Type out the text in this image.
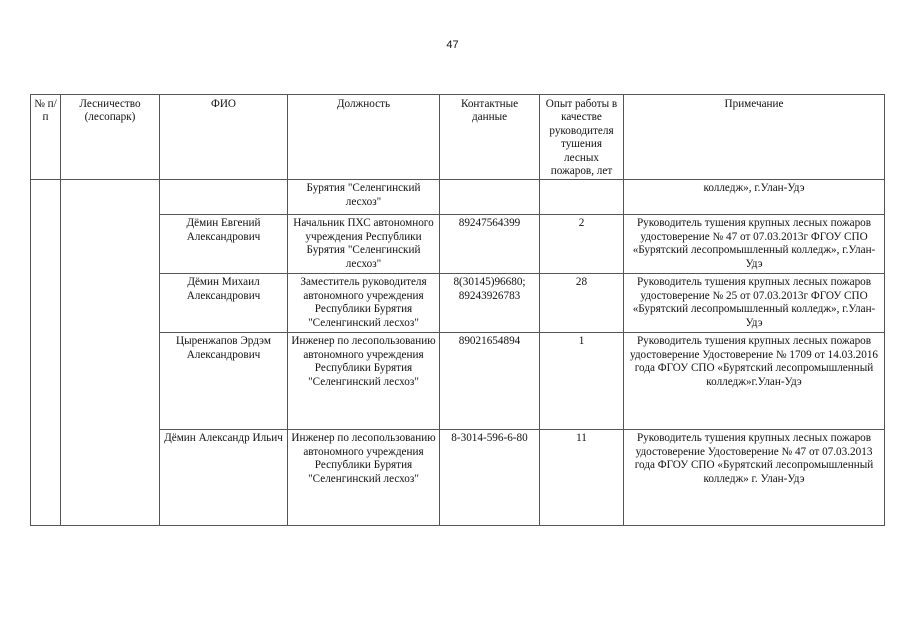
47
№ п/п	Лесничество (лесопарк)	ФИО	Должность	Контактные данные	Опыт работы в качестве руководителя тушения лесных пожаров, лет	Примечание
			Бурятия "Селенгинский лесхоз"			колледж», г.Улан-Удэ
		Дёмин Евгений Александрович	Начальник ПХС автономного учреждения Республики Бурятия "Селенгинский лесхоз"	89247564399	2	Руководитель тушения крупных лесных пожаров удостоверение № 47 от 07.03.2013г ФГОУ СПО «Бурятский лесопромышленный колледж», г.Улан-Удэ
		Дёмин Михаил Александрович	Заместитель руководителя автономного учреждения Республики Бурятия "Селенгинский лесхоз"	8(30145)96680; 89243926783	28	Руководитель тушения крупных лесных пожаров удостоверение № 25 от 07.03.2013г ФГОУ СПО «Бурятский лесопромышленный колледж», г.Улан-Удэ
		Цыренжапов Эрдэм Александрович	Инженер по лесопользованию автономного учреждения Республики Бурятия "Селенгинский лесхоз"	89021654894	1	Руководитель тушения крупных лесных пожаров удостоверение Удостоверение № 1709 от 14.03.2016 года ФГОУ СПО «Бурятский лесопромышленный колледж»г.Улан-Удэ
		Дёмин Александр Ильич	Инженер по лесопользованию автономного учреждения Республики Бурятия "Селенгинский лесхоз"	8-3014-596-6-80	11	Руководитель тушения крупных лесных пожаров удостоверение Удостоверение № 47 от 07.03.2013 года ФГОУ СПО «Бурятский лесопромышленный колледж» г. Улан-Удэ
